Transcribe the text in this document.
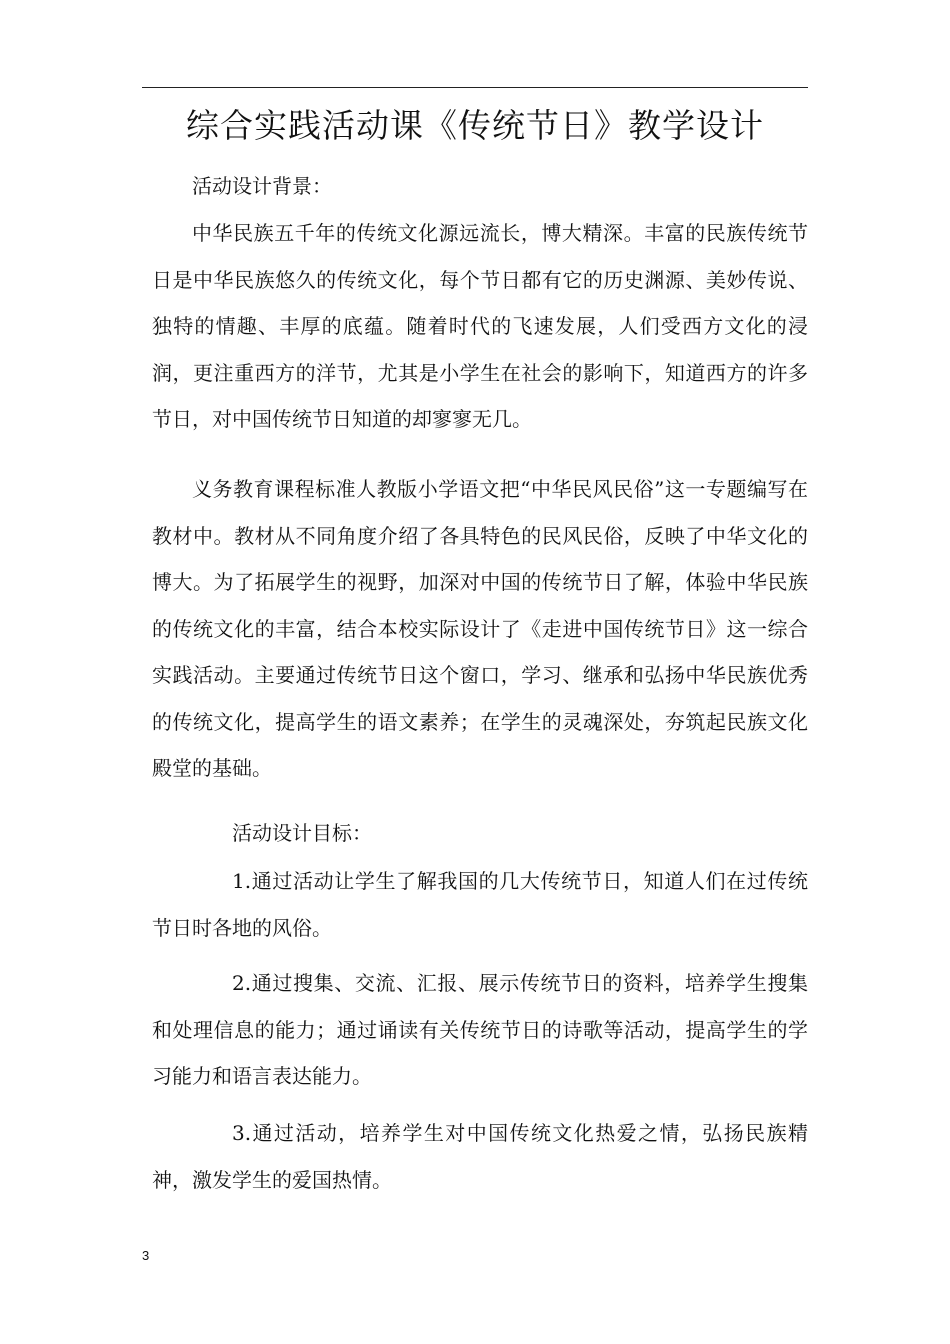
综合实践活动课《传统节日》教学设计

活动设计背景：

中华民族五千年的传统文化源远流长，博大精深。丰富的民族传统节日是中华民族悠久的传统文化，每个节日都有它的历史渊源、美妙传说、独特的情趣、丰厚的底蕴。随着时代的飞速发展，人们受西方文化的浸润，更注重西方的洋节，尤其是小学生在社会的影响下，知道西方的许多节日，对中国传统节日知道的却寥寥无几。

义务教育课程标准人教版小学语文把“中华民风民俗”这一专题编写在教材中。教材从不同角度介绍了各具特色的民风民俗，反映了中华文化的博大。为了拓展学生的视野，加深对中国的传统节日了解，体验中华民族的传统文化的丰富，结合本校实际设计了《走进中国传统节日》这一综合实践活动。主要通过传统节日这个窗口，学习、继承和弘扬中华民族优秀的传统文化，提高学生的语文素养；在学生的灵魂深处，夯筑起民族文化殿堂的基础。

活动设计目标：

1.通过活动让学生了解我国的几大传统节日，知道人们在过传统节日时各地的风俗。

2.通过搜集、交流、汇报、展示传统节日的资料，培养学生搜集和处理信息的能力；通过诵读有关传统节日的诗歌等活动，提高学生的学习能力和语言表达能力。

3.通过活动，培养学生对中国传统文化热爱之情，弘扬民族精神，激发学生的爱国热情。

3
